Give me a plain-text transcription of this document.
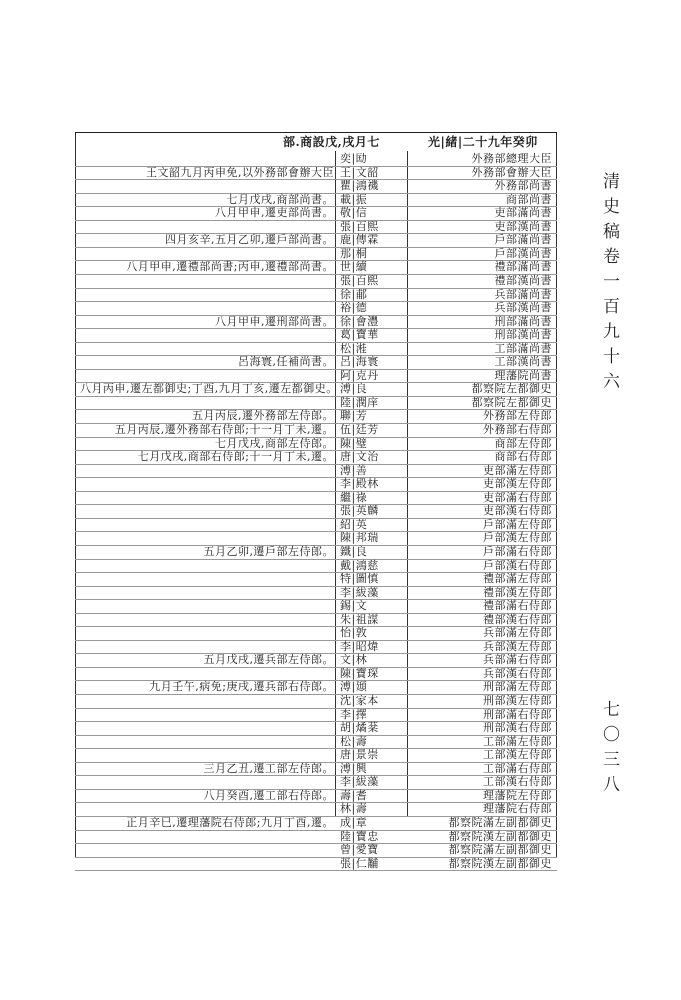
清史稿卷一百九十六
七〇三八
部.商設戊,戌月七	光|緒|二十九年癸卯
外務部總理大臣
奕|劻
外務部會辦大臣
王|文韶
王文韶九月丙申免,以外務部會辦大臣
外務部尚書
瞿|鴻禨
商部尚書
載|振
七月戊戌,商部尚書。
吏部滿尚書
敬|信
八月甲申,遷吏部尚書。
吏部漢尚書
張|百熙
戶部滿尚書
鹿|傳霖
四月亥辛,五月乙卯,遷戶部尚書。
戶部漢尚書
那|桐
禮部滿尚書
世|續
八月甲申,遷禮部尚書;丙申,遷禮部尚書。
禮部漢尚書
張|百熙
兵部滿尚書
徐|郙
兵部漢尚書
裕|德
刑部滿尚書
徐|會灃
八月甲申,遷刑部尚書。
刑部漢尚書
葛|寶華
工部滿尚書
松|溎
工部漢尚書
呂|海寰
呂海寰,任補尚書。
理藩院尚書
阿|克丹
都察院左都御史
溥|良
八月丙申,遷左都御史;丁酉,九月丁亥,遷左都御史。
都察院左都御史
陸|潤庠
外務部左侍郎
聯|芳
五月丙辰,遷外務部左侍郎。
外務部右侍郎
伍|廷芳
五月丙辰,遷外務部右侍郎;十一月丁未,遷。
商部左侍郎
陳|璧
七月戊戌,商部左侍郎。
商部右侍郎
唐|文治
七月戊戌,商部右侍郎;十一月丁未,遷。
吏部滿左侍郎
溥|善
吏部漢左侍郎
李|殿林
吏部滿右侍郎
繼|祿
吏部漢右侍郎
張|英麟
戶部滿左侍郎
紹|英
戶部漢左侍郎
陳|邦瑞
戶部滿右侍郎
鐵|良
五月乙卯,遷戶部左侍郎。
戶部漢右侍郎
戴|鴻慈
禮部滿左侍郎
特|圖慎
禮部漢左侍郎
李|紱藻
禮部滿右侍郎
錫|文
禮部漢右侍郎
朱|祖謀
兵部滿左侍郎
怡|敦
兵部漢左侍郎
李|昭煒
兵部滿右侍郎
文|林
五月戊戌,遷兵部左侍郎。
兵部漢右侍郎
陳|寶琛
刑部滿左侍郎
溥|頲
九月壬午,病免;庚戌,遷兵部右侍郎。
刑部漢左侍郎
沈|家本
刑部滿右侍郎
李|擇
刑部漢右侍郎
胡|燏棻
工部滿左侍郎
松|壽
工部漢左侍郎
唐|景崇
工部滿右侍郎
溥|興
三月乙丑,遷工部左侍郎。
工部漢右侍郎
李|紱藻
理藩院左侍郎
壽|耆
八月癸酉,遷工部右侍郎。
理藩院右侍郎
林|壽
都察院滿左副都御史
成|章
正月辛巳,遷理藩院右侍郎;九月丁酉,遷。
都察院漢左副都御史
陸|寶忠
都察院滿左副都御史
曾|愛寶
都察院漢左副都御史
張|仁黼
